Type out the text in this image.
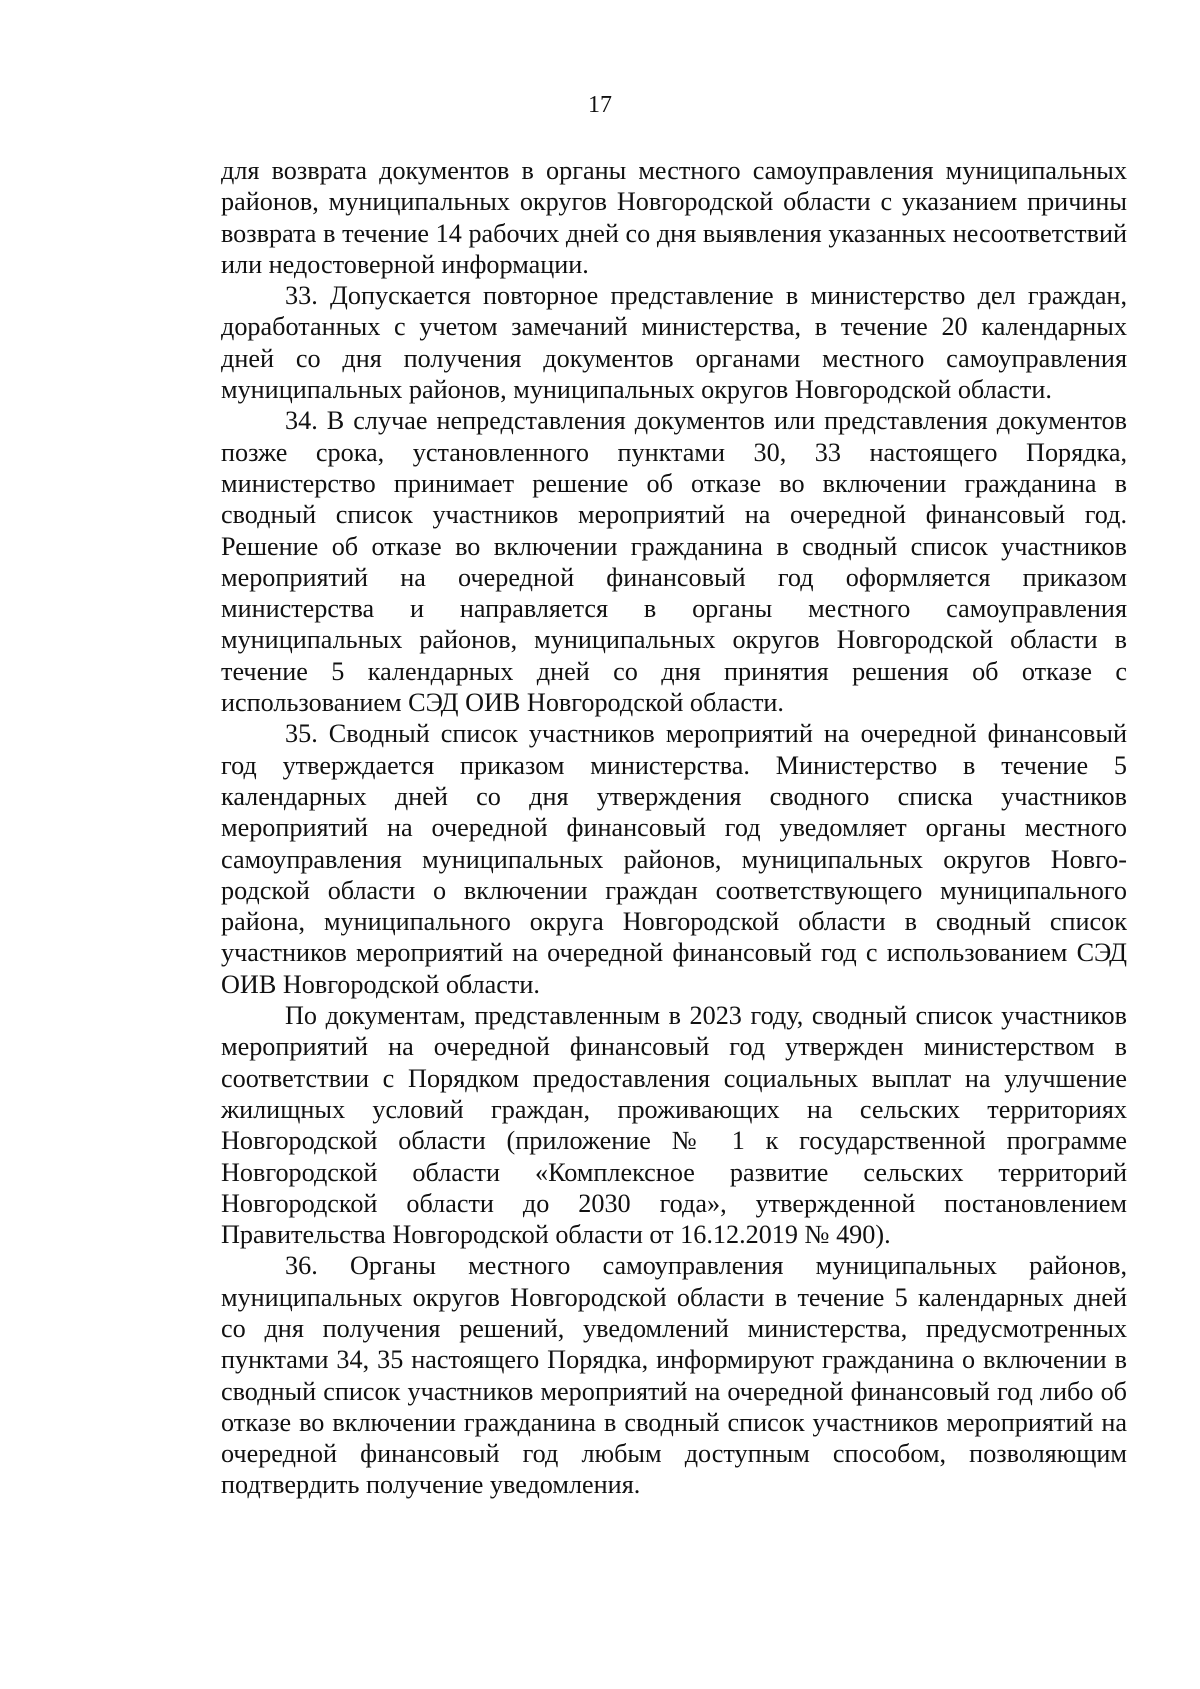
17

для возврата документов в органы местного самоуправления муниципальных районов, муниципальных округов Новгородской области с указанием причины возврата в течение 14 рабочих дней со дня выявления указанных несоответствий или недостоверной информации.

33. Допускается повторное представление в министерство дел граждан, доработанных с учетом замечаний министерства, в течение 20 календарных дней со дня получения документов органами местного самоуправления муниципальных районов, муниципальных округов Новгородской области.

34. В случае непредставления документов или представления документов позже срока, установленного пунктами 30, 33 настоящего Порядка, министерство принимает решение об отказе во включении гражданина в сводный список участников мероприятий на очередной финансовый год. Решение об отказе во включении гражданина в сводный список участников мероприятий на очередной финансовый год оформляется приказом министерства и направляется в органы местного самоуправления муниципальных районов, муниципальных округов Новгородской области в течение 5 календарных дней со дня принятия решения об отказе с использованием СЭД ОИВ Новгородской области.

35. Сводный список участников мероприятий на очередной финансовый год утверждается приказом министерства. Министерство в течение 5 календарных дней со дня утверждения сводного списка участников мероприятий на очередной финансовый год уведомляет органы местного самоуправления муниципальных районов, муниципальных округов Новгородской области о включении граждан соответствующего муниципального района, муниципального округа Новгородской области в сводный список участников мероприятий на очередной финансовый год с использованием СЭД ОИВ Новгородской области.

По документам, представленным в 2023 году, сводный список участников мероприятий на очередной финансовый год утвержден министерством в соответствии с Порядком предоставления социальных выплат на улучшение жилищных условий граждан, проживающих на сельских территориях Новгородской области (приложение № 1 к государственной программе Новгородской области «Комплексное развитие сельских территорий Новгородской области до 2030 года», утвержденной постановлением Правительства Новгородской области от 16.12.2019 № 490).

36. Органы местного самоуправления муниципальных районов, муниципальных округов Новгородской области в течение 5 календарных дней со дня получения решений, уведомлений министерства, предусмотренных пунктами 34, 35 настоящего Порядка, информируют гражданина о включении в сводный список участников мероприятий на очередной финансовый год либо об отказе во включении гражданина в сводный список участников мероприятий на очередной финансовый год любым доступным способом, позволяющим подтвердить получение уведомления.
